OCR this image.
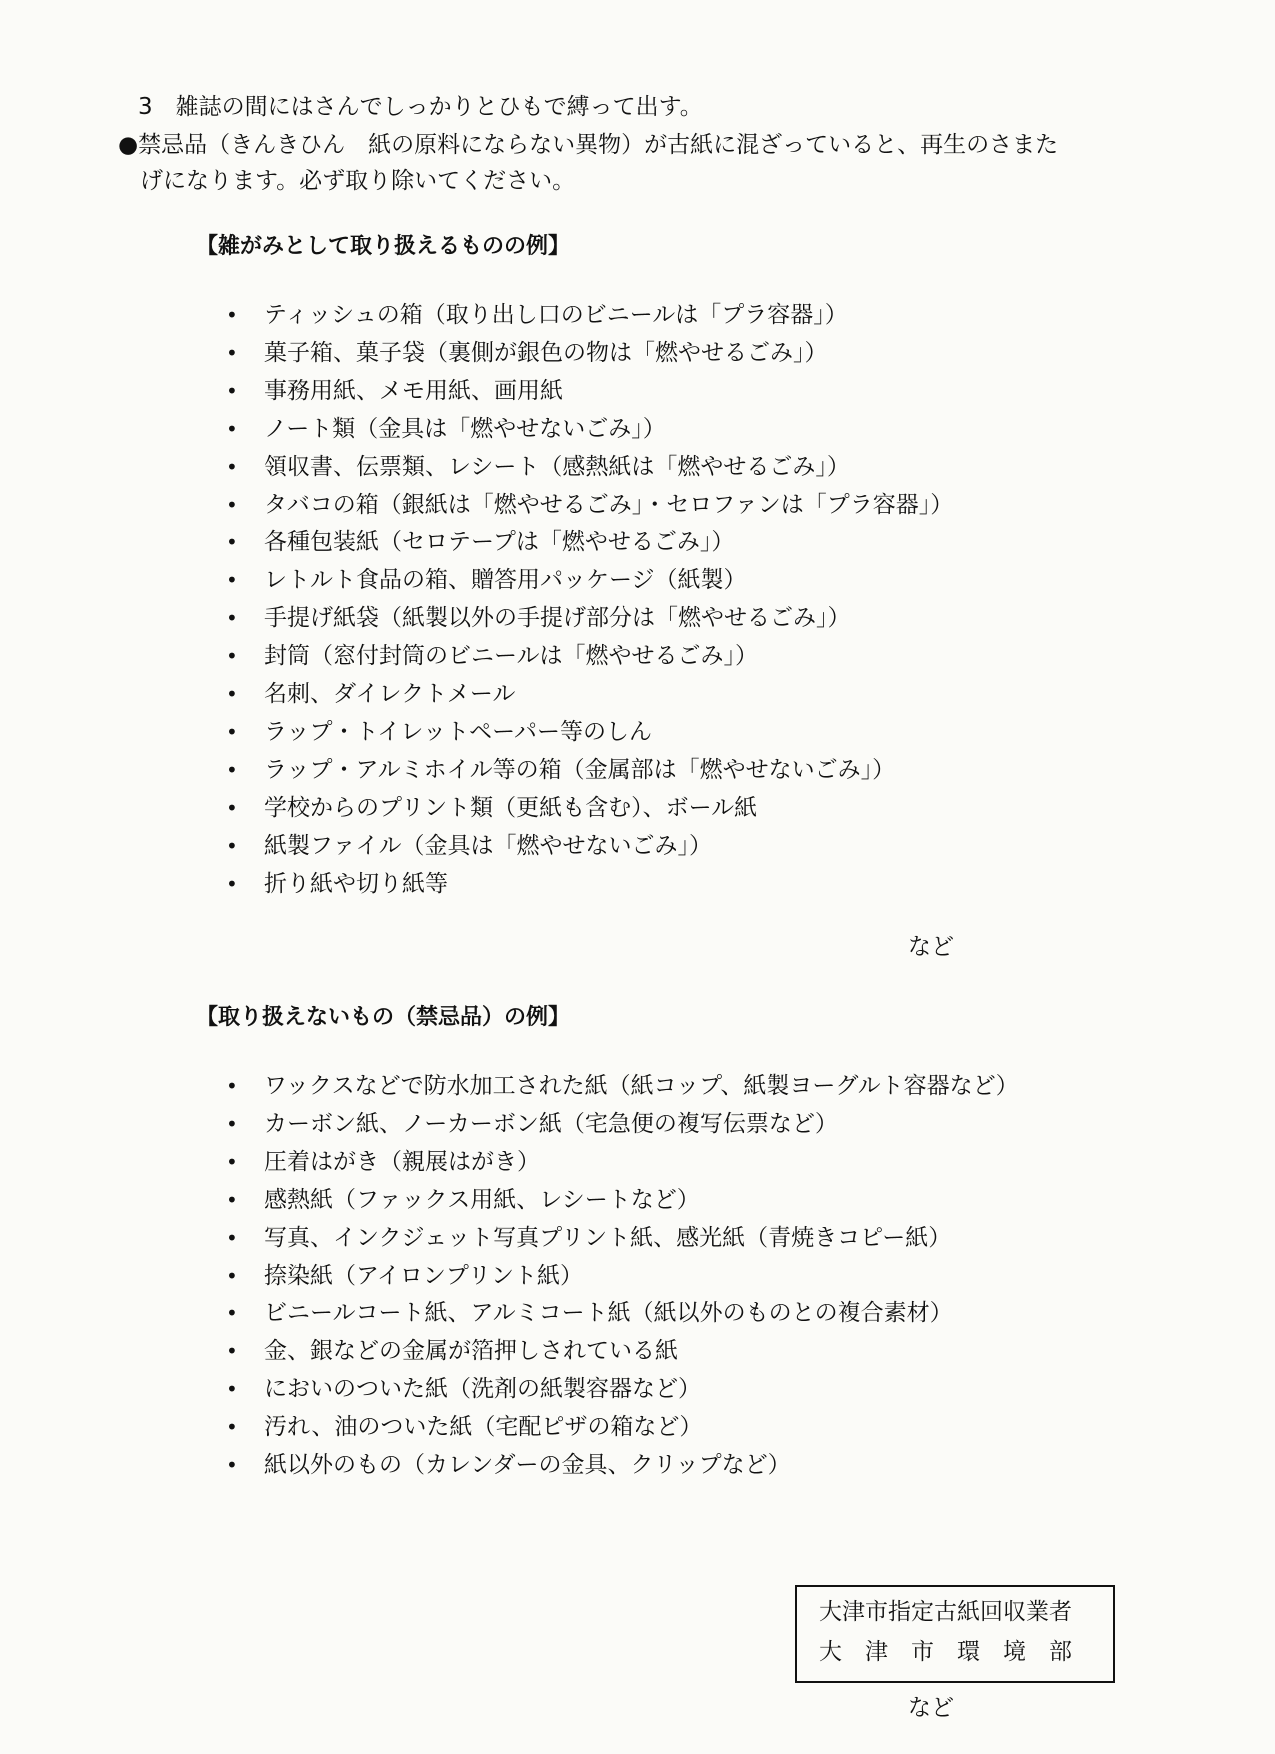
3　雑誌の間にはさんでしっかりとひもで縛って出す。
●禁忌品（きんきひん　紙の原料にならない異物）が古紙に混ざっていると、再生のさまた
げになります。必ず取り除いてください。
【雑がみとして取り扱えるものの例】
• ティッシュの箱（取り出し口のビニールは「プラ容器」）
• 菓子箱、菓子袋（裏側が銀色の物は「燃やせるごみ」）
• 事務用紙、メモ用紙、画用紙
• ノート類（金具は「燃やせないごみ」）
• 領収書、伝票類、レシート（感熱紙は「燃やせるごみ」）
• タバコの箱（銀紙は「燃やせるごみ」・セロファンは「プラ容器」）
• 各種包装紙（セロテープは「燃やせるごみ」）
• レトルト食品の箱、贈答用パッケージ（紙製）
• 手提げ紙袋（紙製以外の手提げ部分は「燃やせるごみ」）
• 封筒（窓付封筒のビニールは「燃やせるごみ」）
• 名刺、ダイレクトメール
• ラップ・トイレットペーパー等のしん
• ラップ・アルミホイル等の箱（金属部は「燃やせないごみ」）
• 学校からのプリント類（更紙も含む）、ボール紙
• 紙製ファイル（金具は「燃やせないごみ」）
• 折り紙や切り紙等
など
【取り扱えないもの（禁忌品）の例】
• ワックスなどで防水加工された紙（紙コップ、紙製ヨーグルト容器など）
• カーボン紙、ノーカーボン紙（宅急便の複写伝票など）
• 圧着はがき（親展はがき）
• 感熱紙（ファックス用紙、レシートなど）
• 写真、インクジェット写真プリント紙、感光紙（青焼きコピー紙）
• 捺染紙（アイロンプリント紙）
• ビニールコート紙、アルミコート紙（紙以外のものとの複合素材）
• 金、銀などの金属が箔押しされている紙
• においのついた紙（洗剤の紙製容器など）
• 汚れ、油のついた紙（宅配ピザの箱など）
• 紙以外のもの（カレンダーの金具、クリップなど）
など
大津市指定古紙回収業者
大　津　市　環　境　部
